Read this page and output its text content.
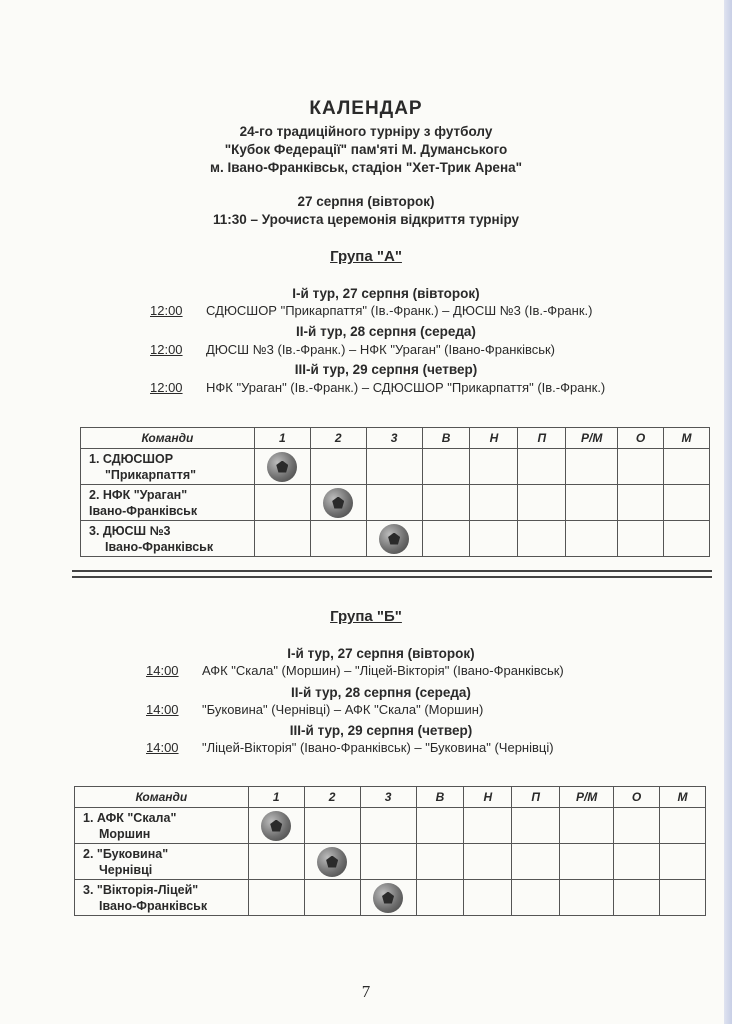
КАЛЕНДАР
24-го традиційного турніру з футболу
"Кубок Федерації" пам'яті М. Думанського
м. Івано-Франківськ, стадіон "Хет-Трик Арена"
27 серпня (вівторок)
11:30 – Урочиста церемонія відкриття турніру
Група "А"
I-й тур, 27 серпня (вівторок)
12:00 СДЮСШОР "Прикарпаття" (Ів.-Франк.) – ДЮСШ №3 (Ів.-Франк.)
II-й тур, 28 серпня (середа)
12:00 ДЮСШ №3 (Ів.-Франк.) – НФК "Ураган" (Івано-Франківськ)
III-й тур, 29 серпня (четвер)
12:00 НФК "Ураган" (Ів.-Франк.) – СДЮСШОР "Прикарпаття" (Ів.-Франк.)
Команди	1	2	3	В	Н	П	Р/М	О	М
1. СДЮСШОР
"Прикарпаття"									
2. НФК "Ураган"
Івано-Франківськ									
3. ДЮСШ №3
Івано-Франківськ									
Група "Б"
I-й тур, 27 серпня (вівторок)
14:00 АФК "Скала" (Моршин) – "Ліцей-Вікторія" (Івано-Франківськ)
II-й тур, 28 серпня (середа)
14:00 "Буковина" (Чернівці) – АФК "Скала" (Моршин)
III-й тур, 29 серпня (четвер)
14:00 "Ліцей-Вікторія" (Івано-Франківськ) – "Буковина" (Чернівці)
Команди	1	2	3	В	Н	П	Р/М	О	М
1. АФК "Скала"
Моршин									
2. "Буковина"
Чернівці									
3. "Вікторія-Ліцей"
Івано-Франківськ									
7
